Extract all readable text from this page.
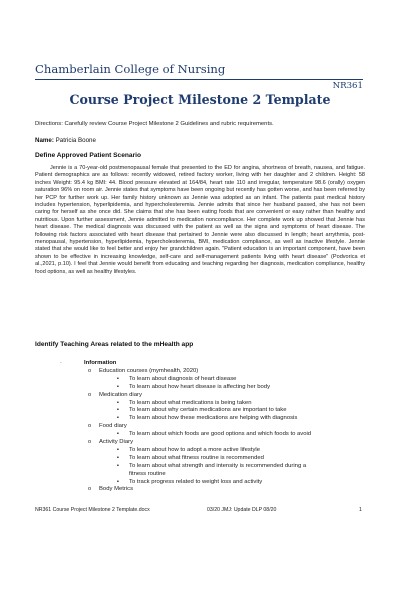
Chamberlain College of Nursing
NR361
Course Project Milestone 2 Template
Directions: Carefully review Course Project Milestone 2 Guidelines and rubric requirements.
Name: Patricia Boone
Define Approved Patient Scenario

Jennie is a 70-year-old postmenopausal female that presented to the ED for angina, shortness of breath, nausea, and fatigue. Patient demographics are as follows: recently widowed, retired factory worker, living with her daughter and 2 children. Height: 58 inches Weight: 95.4 kg BMI: 44. Blood pressure elevated at 164/84, heart rate 110 and irregular, temperature 98.6 (orally) oxygen saturation 96% on room air. Jennie states that symptoms have been ongoing but recently has gotten worse, and has been referred by her PCP for further work up. Her family history unknown as Jennie was adopted as an infant. The patients past medical history includes hypertension, hyperlipidemia, and hypercholesteremia. Jennie admits that since her husband passed, she has not been caring for herself as she once did. She claims that she has been eating foods that are convenient or easy rather than healthy and nutritious. Upon further assessment, Jennie admitted to medication noncompliance. Her complete work up showed that Jennie has heart disease. The medical diagnosis was discussed with the patient as well as the signs and symptoms of heart disease. The following risk factors associated with heart disease that pertained to Jennie were also discussed in length; heart arrythmia, post-menopausal, hypertension, hyperlipidemia, hypercholesteremia, BMI, medication compliance, as well as inactive lifestyle. Jennie stated that she would like to feel better and enjoy her grandchildren again. "Patient education is an important component, have been shown to be effective in increasing knowledge, self-care and self-management patients living with heart disease" (Podvorica et al.,2021, p.10). I feel that Jennie would benefit from educating and teaching regarding her diagnosis, medication compliance, healthy food options, as well as healthy lifestyles.

Identify Teaching Areas related to the mHealth app
·	Information
o Education courses (mymhealth, 2020)
▪ To learn about diagnosis of heart disease
▪ To learn about how heart disease is affecting her body
o Medication diary
▪ To learn about what medications is being taken
▪ To learn about why certain medications are important to take
▪ To learn about how these medications are helping with diagnosis
o Food diary
▪ To learn about which foods are good options and which foods to avoid
o Activity Diary
▪ To learn about how to adopt a more active lifestyle
▪ To learn about what fitness routine is recommended
▪ To learn about what strength and intensity is recommended during a
fitness routine
▪ To track progress related to weight loss and activity
o Body Metrics
NR361 Course Project Milestone 2 Template.docx	03/20 JMJ: Update DLP 08/20	1
